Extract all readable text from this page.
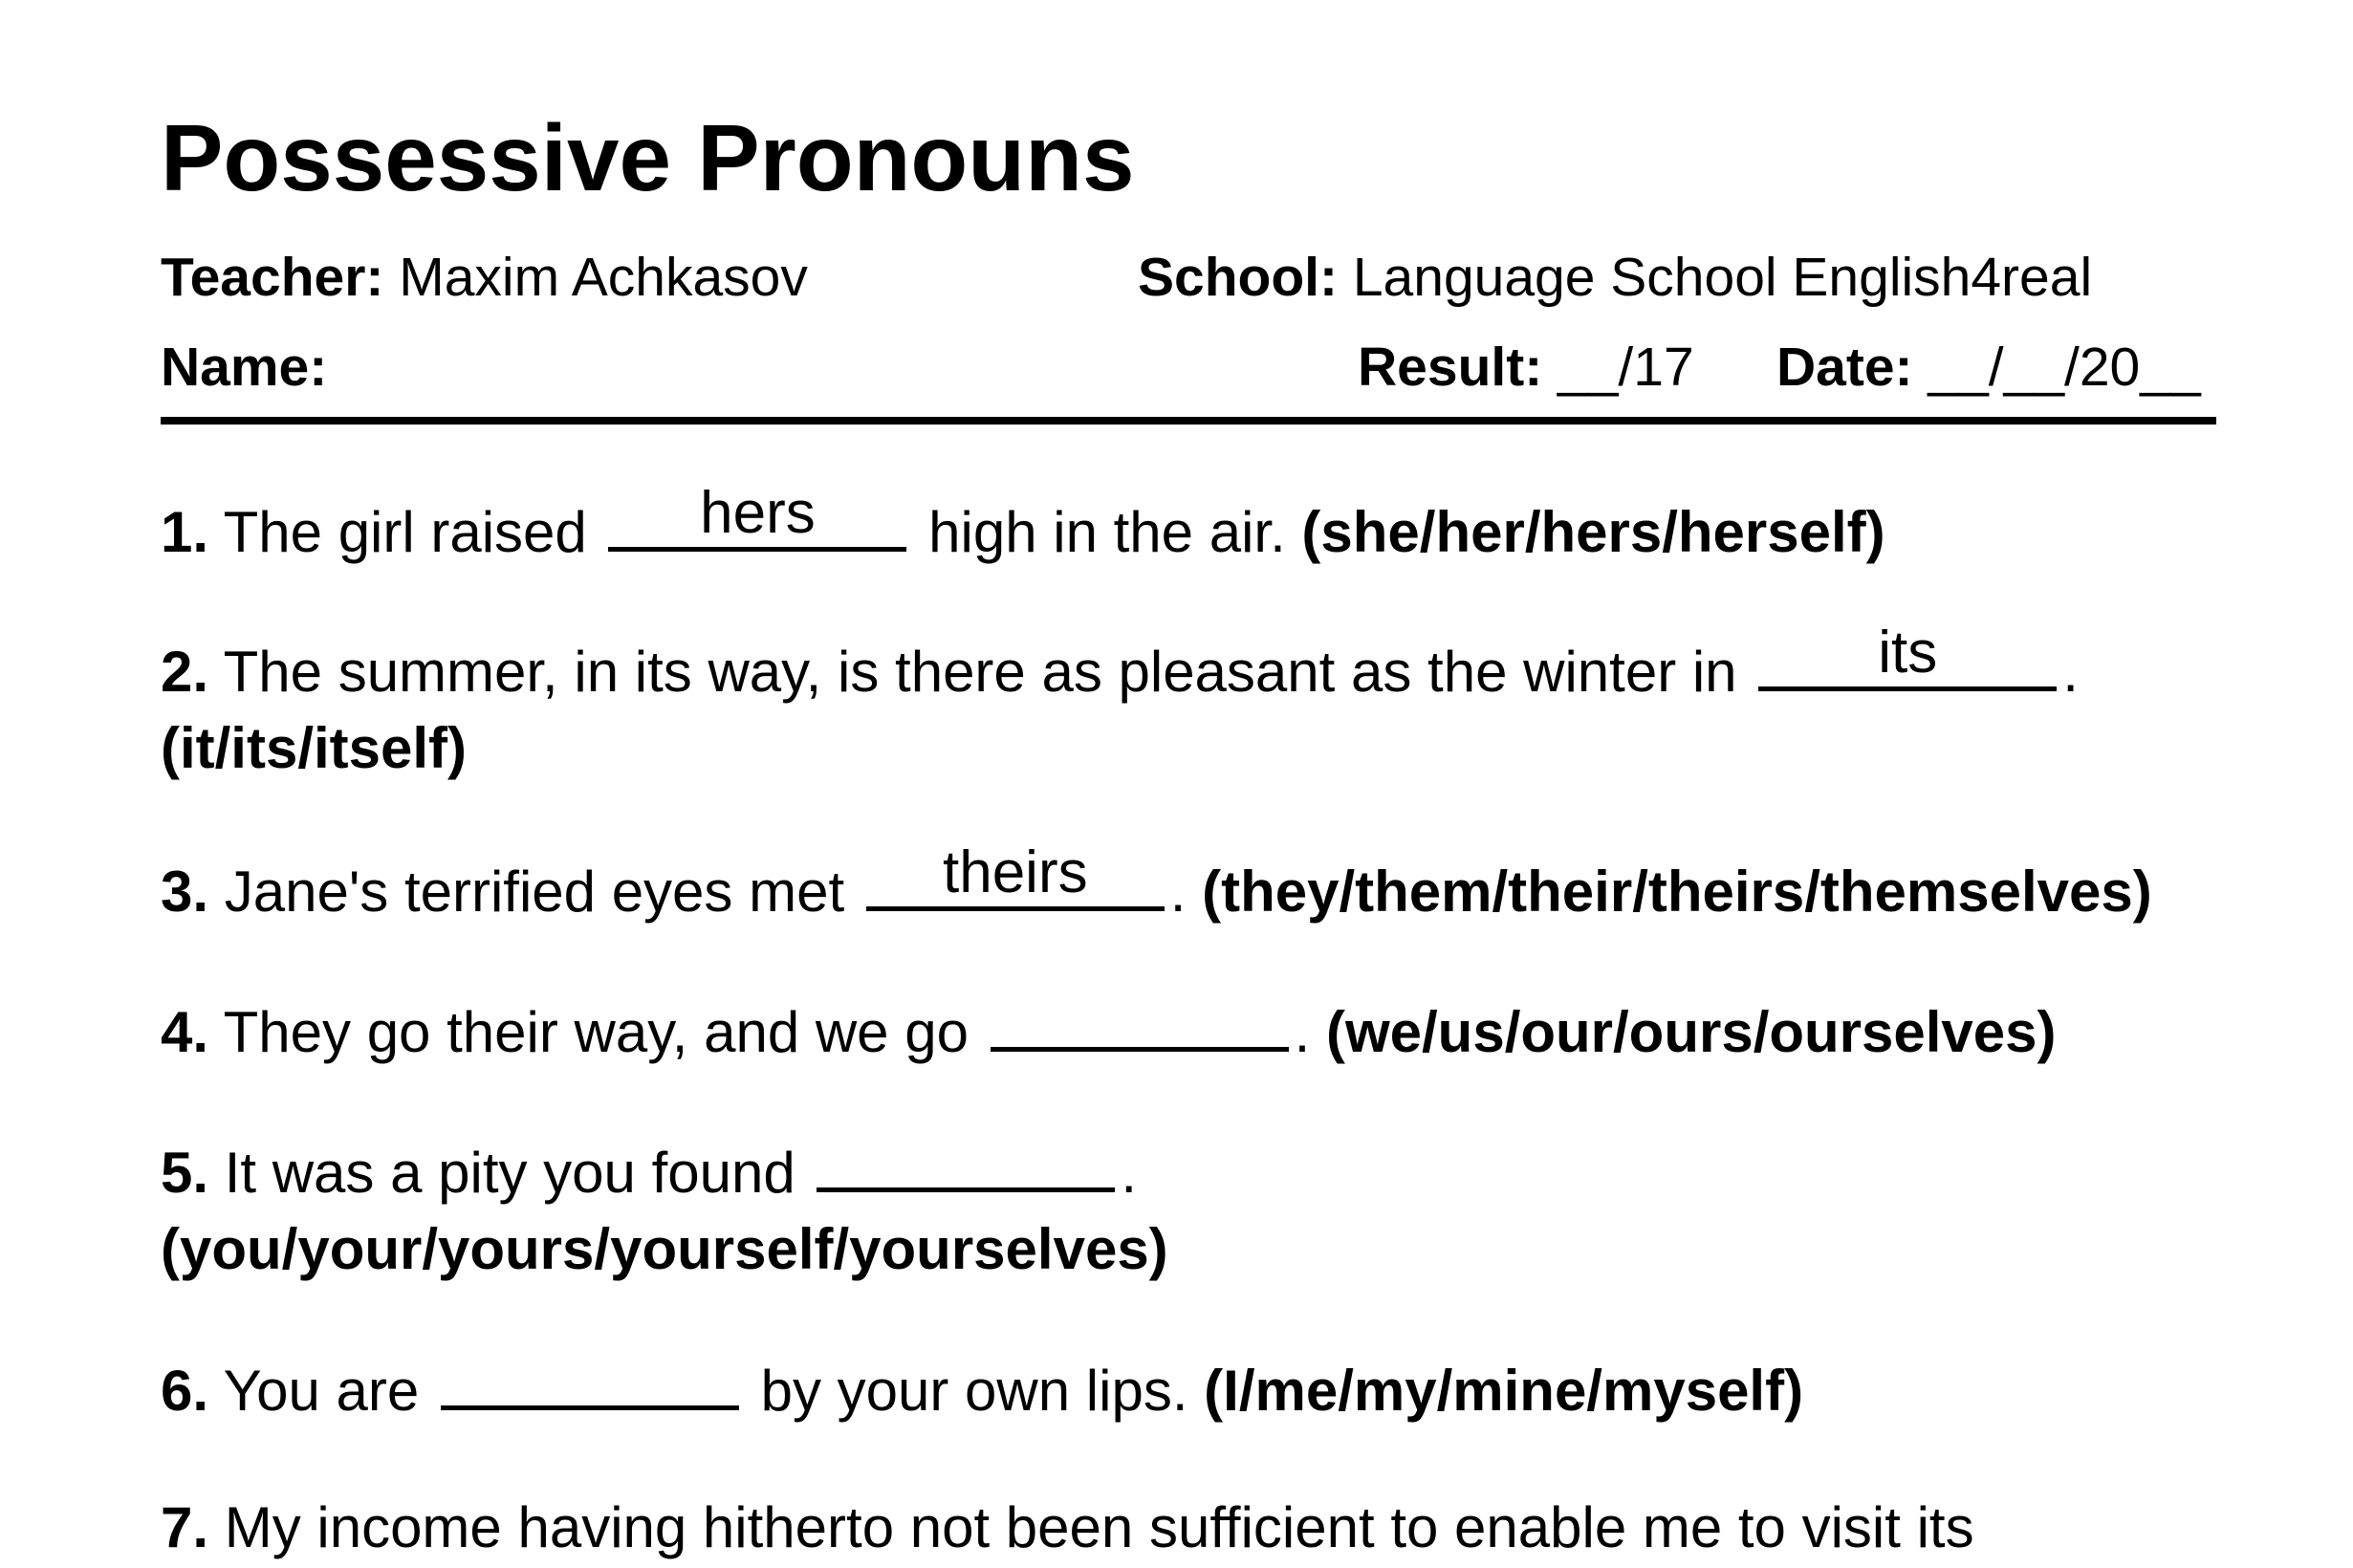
Possessive Pronouns
Teacher: Maxim Achkasov	School: Language School English4real
Name:	Result: __/17 Date: __/__/20__
1. The girl raised	hers	high in the air. (she/her/hers/herself)
2. The summer, in its way, is there as pleasant as the winter in	its	.
(it/its/itself)
3. Jane's terrified eyes met	theirs	. (they/them/their/theirs/themselves)
4. They go their way, and we go	. (we/us/our/ours/ourselves)
5. It was a pity you found	.
(you/your/yours/yourself/yourselves)
6. You are	by your own lips. (I/me/my/mine/myself)
7. My income having hitherto not been sufficient to enable me to visit its
